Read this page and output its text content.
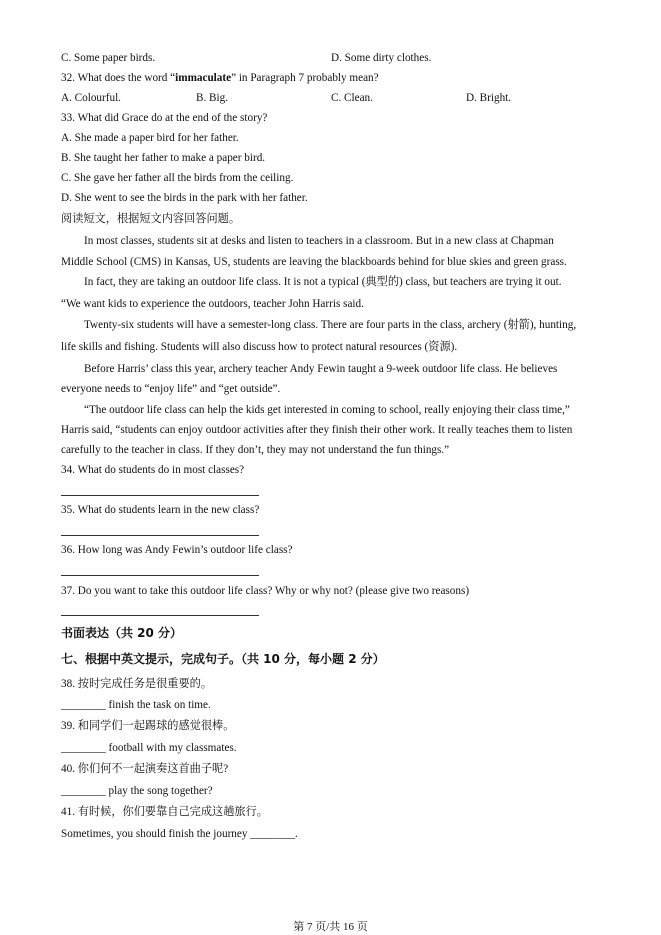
C. Some paper birds.	D. Some dirty clothes.
32. What does the word “immaculate” in Paragraph 7 probably mean?
A. Colourful.	B. Big.	C. Clean.	D. Bright.
33. What did Grace do at the end of the story?
A. She made a paper bird for her father.
B. She taught her father to make a paper bird.
C. She gave her father all the birds from the ceiling.
D. She went to see the birds in the park with her father.
阅读短文，根据短文内容回答问题。
In most classes, students sit at desks and listen to teachers in a classroom. But in a new class at Chapman
Middle School (CMS) in Kansas, US, students are leaving the blackboards behind for blue skies and green grass.
In fact, they are taking an outdoor life class. It is not a typical (典型的) class, but teachers are trying it out.
“We want kids to experience the outdoors, teacher John Harris said.
Twenty-six students will have a semester-long class. There are four parts in the class, archery (射箭), hunting,
life skills and fishing. Students will also discuss how to protect natural resources (资源).
Before Harris’ class this year, archery teacher Andy Fewin taught a 9-week outdoor life class. He believes
everyone needs to “enjoy life” and “get outside”.
“The outdoor life class can help the kids get interested in coming to school, really enjoying their class time,”
Harris said, “students can enjoy outdoor activities after they finish their other work. It really teaches them to listen
carefully to the teacher in class. If they don’t, they may not understand the fun things.”
34. What do students do in most classes?
35. What do students learn in the new class?
36. How long was Andy Fewin’s outdoor life class?
37. Do you want to take this outdoor life class? Why or why not? (please give two reasons)
书面表达（共 20 分）
七、根据中英文提示，完成句子。（共 10 分，每小题 2 分）
38. 按时完成任务是很重要的。
________ finish the task on time.
39. 和同学们一起踢球的感觉很棒。
________ football with my classmates.
40. 你们何不一起演奏这首曲子呢?
________ play the song together?
41. 有时候，你们要靠自己完成这趟旅行。
Sometimes, you should finish the journey ________.
第 7 页/共 16 页
